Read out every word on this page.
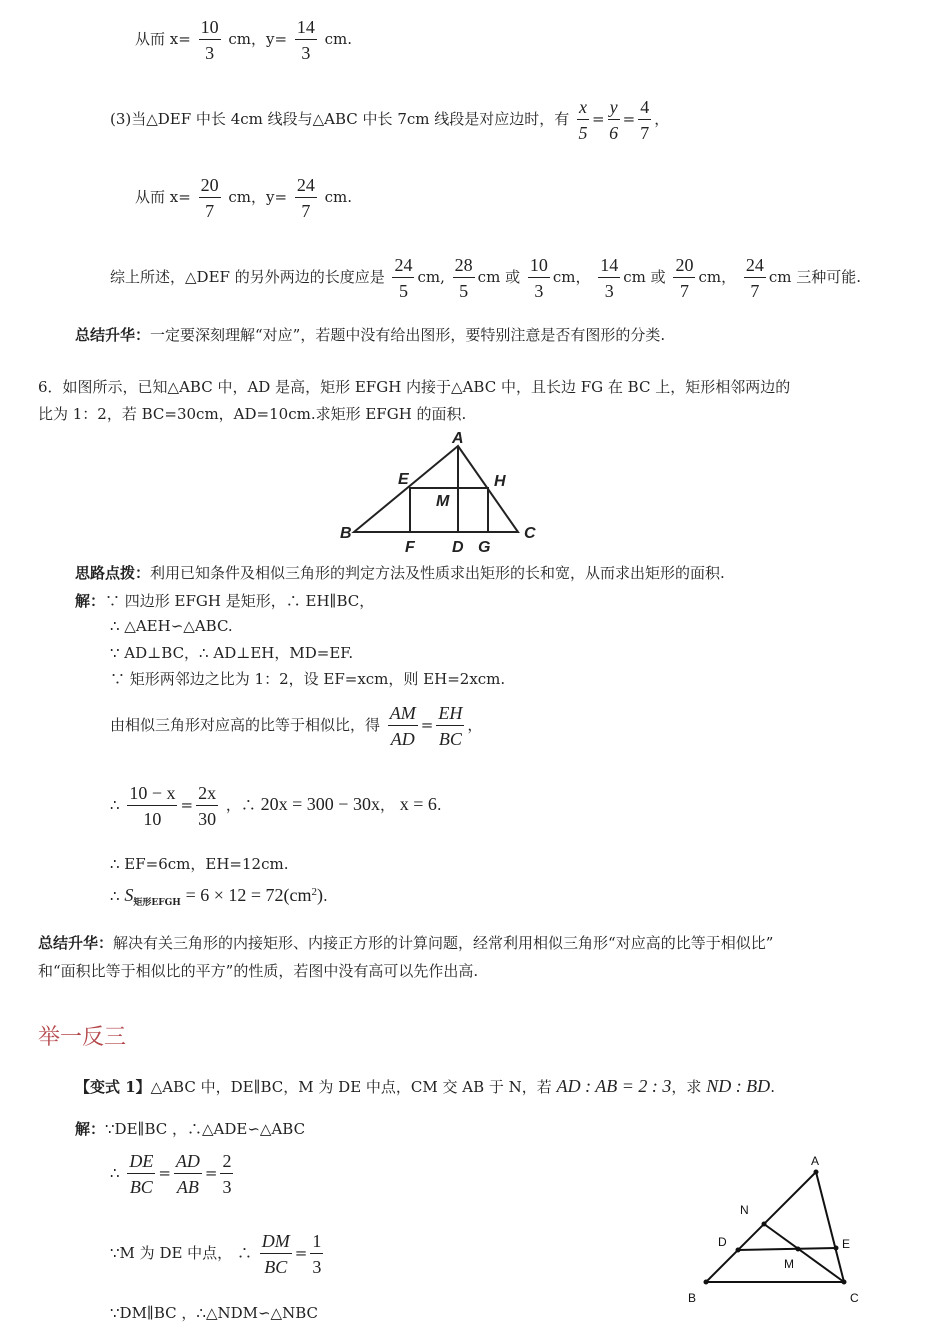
从而 $x= \frac{10}{3}$ cm，$y= \frac{14}{3}$ cm.
(3)当△DEF 中长 4cm 线段与△ABC 中长 7cm 线段是对应边时，有 $\frac{x}{5} = \frac{y}{6} = \frac{4}{7}$ ，
从而 $x= \frac{20}{7}$ cm，$y= \frac{24}{7}$ cm.
综上所述，△DEF 的另外两边的长度应是 $\frac{24}{5}$ cm, $\frac{28}{5}$ cm 或 $\frac{10}{3}$ cm， $\frac{14}{3}$ cm 或 $\frac{20}{7}$ cm， $\frac{24}{7}$ cm 三种可能.
总结升华：一定要深刻理解“对应”，若题中没有给出图形，要特别注意是否有图形的分类.
6．如图所示，已知△ABC 中，AD 是高，矩形 EFGH 内接于△ABC 中，且长边 FG 在 BC 上，矩形相邻两边的
比为 1：2，若 BC=30cm，AD=10cm.求矩形 EFGH 的面积.
A
B	C
D
E
F	G
H
M
思路点拨：利用已知条件及相似三角形的判定方法及性质求出矩形的长和宽，从而求出矩形的面积.
解：∵ 四边形 EFGH 是矩形，∴ EH∥BC，
∴ △AEH∽△ABC.
∵ AD⊥BC，∴ AD⊥EH，MD=EF.
∵ 矩形两邻边之比为 1：2，设 EF=xcm，则 EH=2xcm.
由相似三角形对应高的比等于相似比，得 $\frac{AM}{AD} = \frac{EH}{BC}$ ，
∴ $\frac{10 - x}{10} = \frac{2x}{30}$ ，∴ 20x = 300 − 30x， x = 6.
∴ EF=6cm，EH=12cm.
∴ $S_{矩形EFGH} = 6 \times 12 = 72(cm^2)$.
总结升华：解决有关三角形的内接矩形、内接正方形的计算问题，经常利用相似三角形“对应高的比等于相似比”
和“面积比等于相似比的平方”的性质，若图中没有高可以先作出高.
举一反三
【变式 1】△ABC 中，DE∥BC，M 为 DE 中点，CM 交 AB 于 N，若 AD : AB = 2 : 3，求 ND : BD.
解：∵DE∥BC ，∴△ADE∽△ABC
∴ $\frac{DE}{BC} = \frac{AD}{AB} = \frac{2}{3}$
∵M 为 DE 中点， ∴ $\frac{DM}{BC} = \frac{1}{3}$
∵DM∥BC ，∴△NDM∽△NBC
A
B	C
D	E
N
M
